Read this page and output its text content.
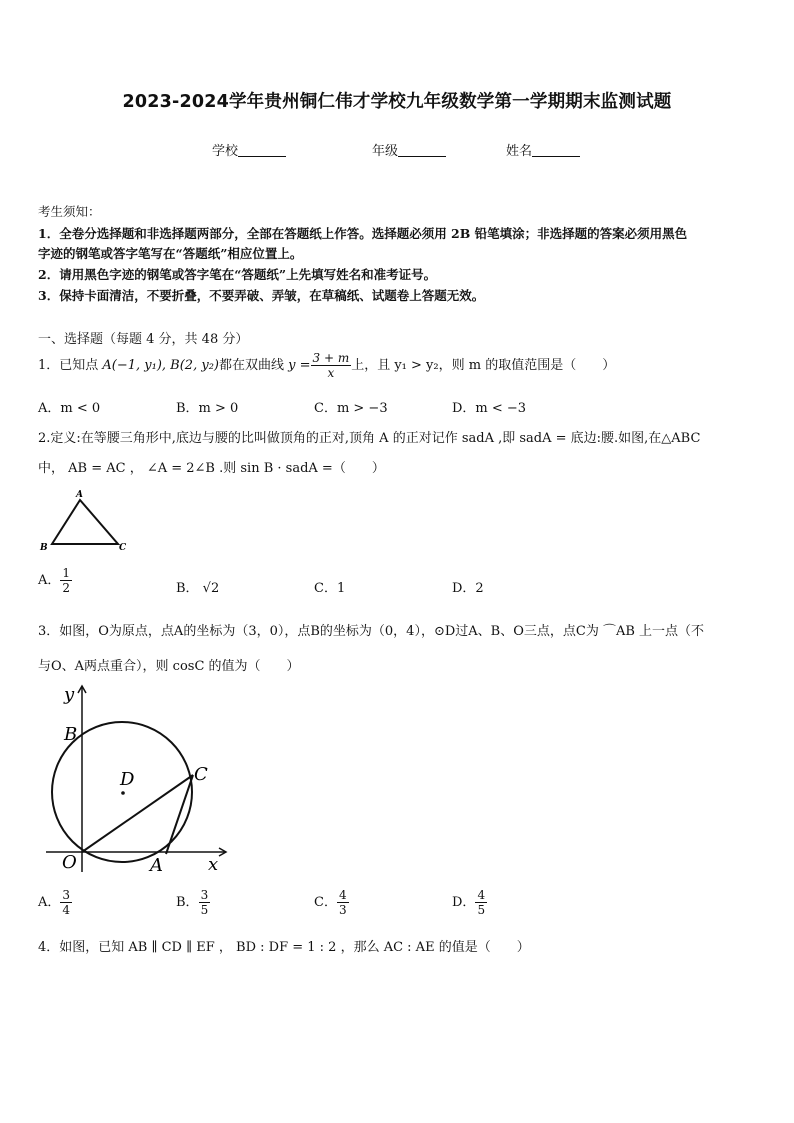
2023-2024学年贵州铜仁伟才学校九年级数学第一学期期末监测试题
学校	年级	姓名
考生须知：
1．全卷分选择题和非选择题两部分，全部在答题纸上作答。选择题必须用 2B 铅笔填涂；非选择题的答案必须用黑色
字迹的钢笔或答字笔写在“答题纸”相应位置上。
2．请用黑色字迹的钢笔或答字笔在“答题纸”上先填写姓名和准考证号。
3．保持卡面清洁，不要折叠，不要弄破、弄皱，在草稿纸、试题卷上答题无效。
一、选择题（每题 4 分，共 48 分）
1．已知点 A(−1, y₁), B(2, y₂)都在双曲线 $y = \frac{3 + m}{x}$ 上，且 y₁ > y₂，则 m 的取值范围是（　　）
A．m < 0	B．m > 0	C．m > −3	D．m < −3
2.定义:在等腰三角形中,底边与腰的比叫做顶角的正对,顶角 A 的正对记作 sadA ,即 sadA = 底边:腰.如图,在△ABC
中， AB = AC ， ∠A = 2∠B .则 sin B · sadA =（　　）
A
B	C
A． $\frac{1}{2}$	B． √2	C．1	D．2
3．如图，O为原点，点A的坐标为（3，0），点B的坐标为（0，4），⊙D过A、B、O三点，点C为 ⌒AB 上一点（不
与O、A两点重合），则 cosC 的值为（　　）
y
B
D	C
O	A	x
A． $\frac{3}{4}$	B． $\frac{3}{5}$	C． $\frac{4}{3}$	D． $\frac{4}{5}$
4．如图，已知 AB ∥ CD ∥ EF ， BD : DF = 1 : 2 ，那么 AC : AE 的值是（　　）
